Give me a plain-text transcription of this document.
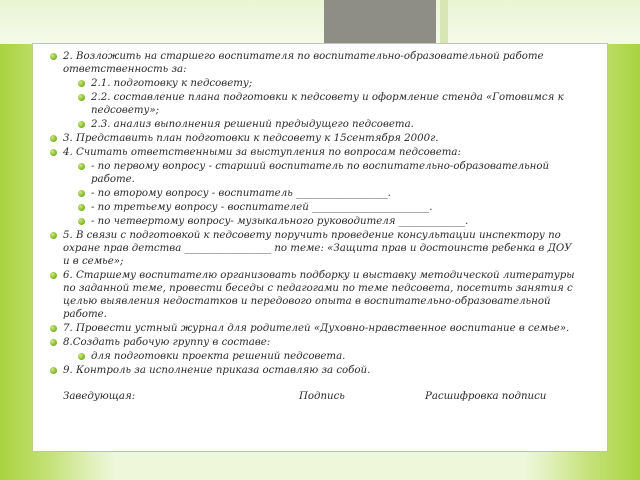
2. Возложить на старшего воспитателя по воспитательно-образовательной работе ответственность за:
2.1. подготовку к педсовету;
2.2. составление плана подготовки к педсовету и оформление стенда «Готовимся к педсовету»;
2.3. анализ выполнения решений предыдущего педсовета.
3. Представить план подготовки к педсовету к 15сентября 2000г.
4. Считать ответственными за выступления по вопросам педсовета:
- по первому вопросу - старший воспитатель по воспитательно-образовательной работе.
- по второму вопросу - воспитатель __________________.
- по третьему вопросу - воспитателей _______________________.
- по четвертому вопросу- музыкального руководителя _____________.
5. В связи с подготовкой к педсовету поручить проведение консультации инспектору по охране прав детства _________________ по теме: «Защита прав и достоинств ребенка в ДОУ и в семье»;
6. Старшему воспитателю организовать подборку и выставку методической литературы по заданной теме, провести беседы с педагогами по теме педсовета, посетить занятия с целью выявления недостатков и передового опыта в воспитательно-образовательной работе.
7. Провести устный журнал для родителей «Духовно-нравственное воспитание в семье».
8.Создать рабочую группу в составе:
для подготовки проекта решений педсовета.
9. Контроль за исполнение приказа оставляю за собой.
Заведующая:	Подпись	Расшифровка подписи
